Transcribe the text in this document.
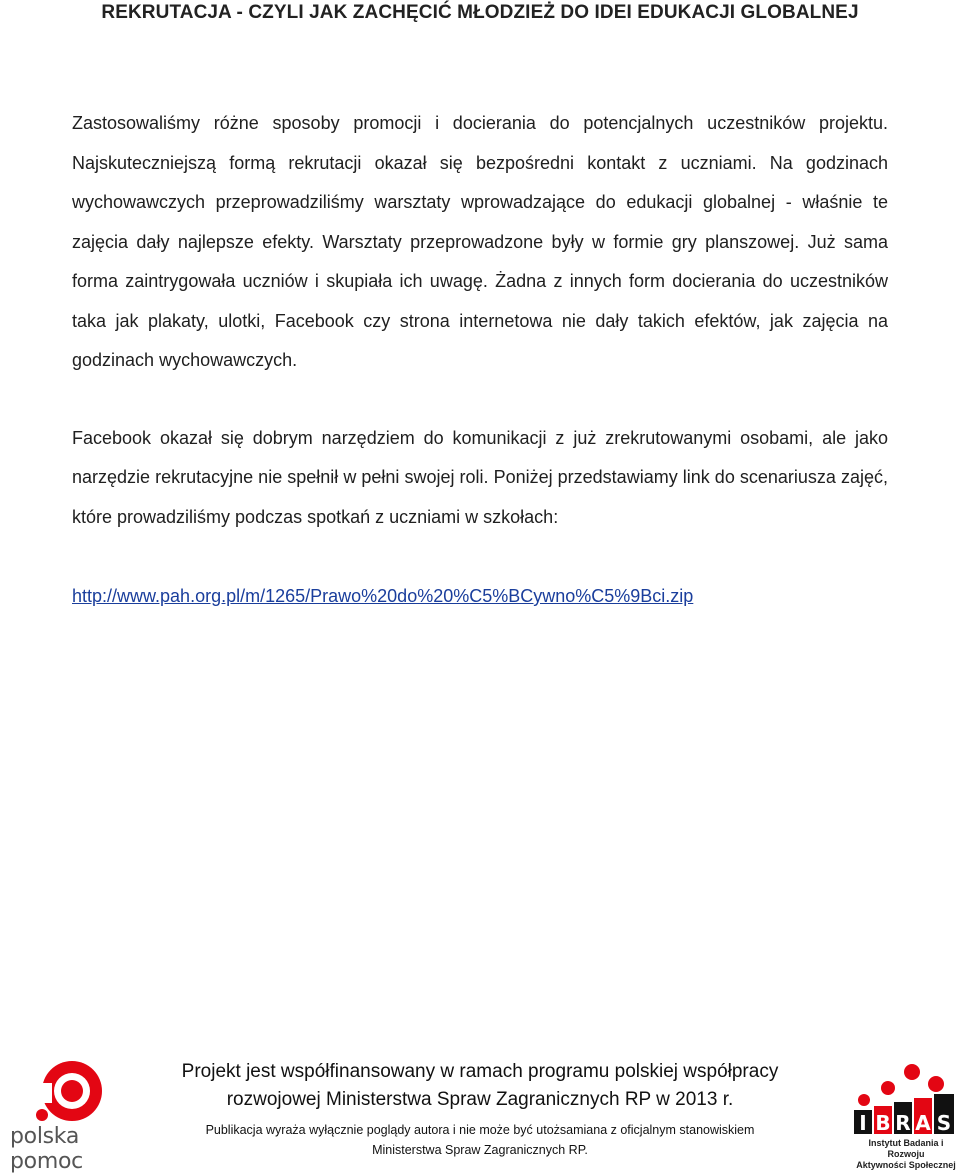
REKRUTACJA - CZYLI JAK ZACHĘCIĆ MŁODZIEŻ DO IDEI EDUKACJI GLOBALNEJ

Zastosowaliśmy różne sposoby promocji i docierania do potencjalnych uczestników projektu. Najskuteczniejszą formą rekrutacji okazał się bezpośredni kontakt z uczniami. Na godzinach wychowawczych przeprowadziliśmy warsztaty wprowadzające do edukacji globalnej - właśnie te zajęcia dały najlepsze efekty. Warsztaty przeprowadzone były w formie gry planszowej. Już sama forma zaintrygowała uczniów i skupiała ich uwagę. Żadna z innych form docierania do uczestników taka jak plakaty, ulotki, Facebook czy strona internetowa nie dały takich efektów, jak zajęcia na godzinach wychowawczych.

Facebook okazał się dobrym narzędziem do komunikacji z już zrekrutowanymi osobami, ale jako narzędzie rekrutacyjne nie spełnił w pełni swojej roli. Poniżej przedstawiamy link do scenariusza zajęć, które prowadziliśmy podczas spotkań z uczniami w szkołach:

http://www.pah.org.pl/m/1265/Prawo%20do%20%C5%BCywno%C5%9Bci.zip
polska pomoc
Projekt jest współfinansowany w ramach programu polskiej współpracy
rozwojowej Ministerstwa Spraw Zagranicznych RP w 2013 r.
Publikacja wyraża wyłącznie poglądy autora i nie może być utożsamiana z oficjalnym stanowiskiem
Ministerstwa Spraw Zagranicznych RP.
I B R A S
Instytut Badania i Rozwoju
Aktywności Społecznej
